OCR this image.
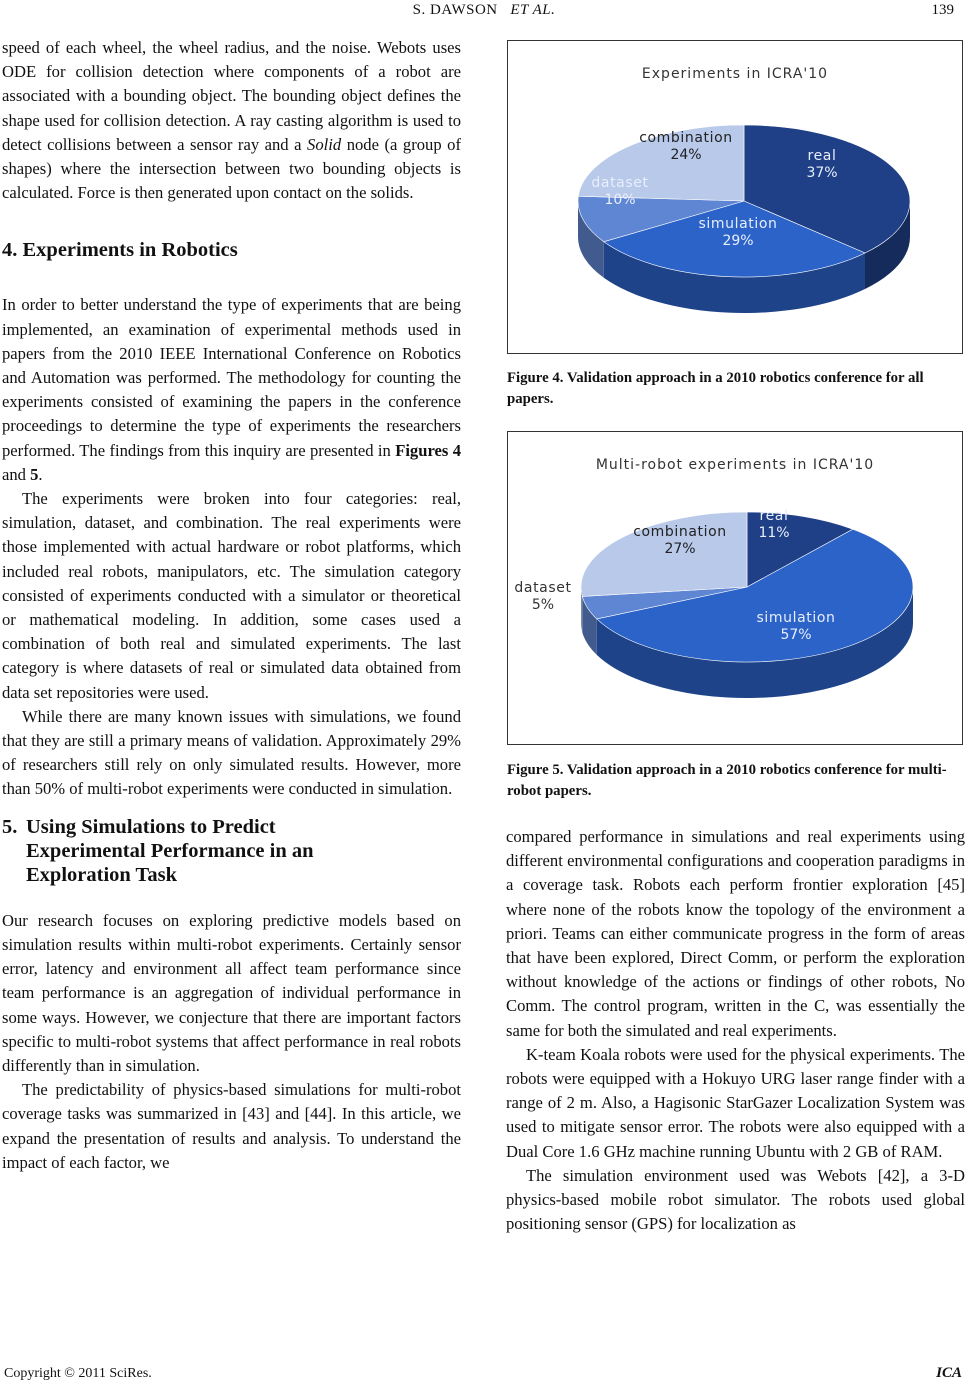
S. DAWSON ET AL.	139

speed of each wheel, the wheel radius, and the noise. Webots uses ODE for collision detection where components of a robot are associated with a bounding object. The bounding object defines the shape used for collision detection. A ray casting algorithm is used to detect collisions between a sensor ray and a Solid node (a group of shapes) where the intersection between two bounding objects is calculated. Force is then generated upon contact on the solids.

4. Experiments in Robotics

In order to better understand the type of experiments that are being implemented, an examination of experimental methods used in papers from the 2010 IEEE International Conference on Robotics and Automation was performed. The methodology for counting the experiments consisted of examining the papers in the conference proceedings to determine the type of experiments the researchers performed. The findings from this inquiry are presented in Figures 4 and 5.

The experiments were broken into four categories: real, simulation, dataset, and combination. The real experiments were those implemented with actual hardware or robot platforms, which included real robots, manipulators, etc. The simulation category consisted of experiments conducted with a simulator or theoretical or mathematical modeling. In addition, some cases used a combination of both real and simulated experiments. The last category is where datasets of real or simulated data obtained from data set repositories were used.

While there are many known issues with simulations, we found that they are still a primary means of validation. Approximately 29% of researchers still rely on only simulated results. However, more than 50% of multi-robot experiments were conducted in simulation.

5. Using Simulations to Predict
Experimental Performance in an
Exploration Task

Our research focuses on exploring predictive models based on simulation results within multi-robot experiments. Certainly sensor error, latency and environment all affect team performance since team performance is an aggregation of individual performance in some ways. However, we conjecture that there are important factors specific to multi-robot systems that affect performance in real robots differently than in simulation.

The predictability of physics-based simulations for multi-robot coverage tasks was summarized in [43] and [44]. In this article, we expand the presentation of results and analysis. To understand the impact of each factor, we

Experiments in ICRA'10
real
37%
simulation
29%
dataset
10%
combination
24%
Figure 4. Validation approach in a 2010 robotics conference for all papers.
Multi-robot experiments in ICRA'10
real
11%
simulation
57%
dataset
5%
combination
27%
Figure 5. Validation approach in a 2010 robotics conference for multi-robot papers.

compared performance in simulations and real experiments using different environmental configurations and cooperation paradigms in a coverage task. Robots each perform frontier exploration [45] where none of the robots know the topology of the environment a priori. Teams can either communicate progress in the form of areas that have been explored, Direct Comm, or perform the exploration without knowledge of the actions or findings of other robots, No Comm. The control program, written in the C, was essentially the same for both the simulated and real experiments.

K-team Koala robots were used for the physical experiments. The robots were equipped with a Hokuyo URG laser range finder with a range of 2 m. Also, a Hagisonic StarGazer Localization System was used to mitigate sensor error. The robots were also equipped with a Dual Core 1.6 GHz machine running Ubuntu with 2 GB of RAM.

The simulation environment used was Webots [42], a 3-D physics-based mobile robot simulator. The robots used global positioning sensor (GPS) for localization as

Copyright © 2011 SciRes.	ICA
